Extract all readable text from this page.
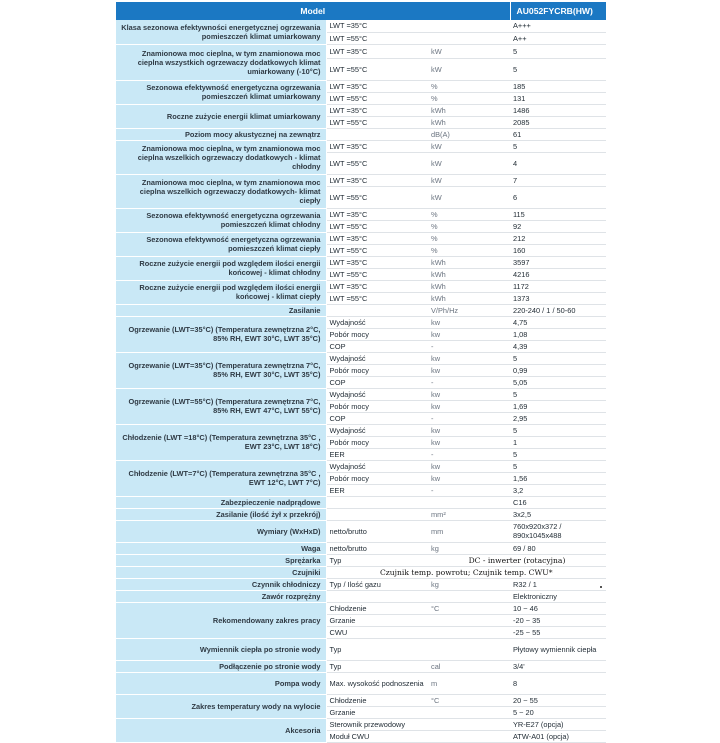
Model			AU052FYCRB(HW)
Klasa sezonowa efektywności energetycznej ogrzewania pomieszczeń klimat umiarkowany	LWT =35°C		A+++
	LWT =55°C		A++
Znamionowa moc cieplna, w tym znamionowa moc cieplna wszystkich ogrzewaczy dodatkowych klimat umiarkowany (-10°C)	LWT =35°C	kW	5
	LWT =55°C	kW	5
Sezonowa efektywność energetyczna ogrzewania pomieszczeń klimat umiarkowany	LWT =35°C	%	185
	LWT =55°C	%	131
Roczne zużycie energii klimat umiarkowany	LWT =35°C	kWh	1486
	LWT =55°C	kWh	2085
Poziom mocy akustycznej na zewnątrz		dB(A)	61
Znamionowa moc cieplna, w tym znamionowa moc cieplna wszelkich ogrzewaczy dodatkowych - klimat chłodny	LWT =35°C	kW	5
	LWT =55°C	kW	4
Znamionowa moc cieplna, w tym znamionowa moc cieplna wszelkich ogrzewaczy dodatkowych- klimat ciepły	LWT =35°C	kW	7
	LWT =55°C	kW	6
Sezonowa efektywność energetyczna ogrzewania pomieszczeń klimat chłodny	LWT =35°C	%	115
	LWT =55°C	%	92
Sezonowa efektywność energetyczna ogrzewania pomieszczeń klimat ciepły	LWT =35°C	%	212
	LWT =55°C	%	160
Roczne zużycie energii pod względem ilości energii końcowej - klimat chłodny	LWT =35°C	kWh	3597
	LWT =55°C	kWh	4216
Roczne zużycie energii pod względem ilości energii końcowej - klimat ciepły	LWT =35°C	kWh	1172
	LWT =55°C	kWh	1373
Zasilanie		V/Ph/Hz	220-240 / 1 / 50-60
Ogrzewanie (LWT=35°C) (Temperatura zewnętrzna 2°C, 85% RH, EWT 30°C, LWT 35°C)	Wydajność	kw	4,75
	Pobór mocy	kw	1,08
	COP	-	4,39
Ogrzewanie (LWT=35°C) (Temperatura zewnętrzna 7°C, 85% RH, EWT 30°C, LWT 35°C)	Wydajność	kw	5
	Pobór mocy	kw	0,99
	COP	-	5,05
Ogrzewanie (LWT=55°C) (Temperatura zewnętrzna 7°C, 85% RH, EWT 47°C, LWT 55°C)	Wydajność	kw	5
	Pobór mocy	kw	1,69
	COP	-	2,95
Chłodzenie (LWT =18°C) (Temperatura zewnętrzna 35°C , EWT 23°C, LWT 18°C)	Wydajność	kw	5
	Pobór mocy	kw	1
	EER	-	5
Chłodzenie (LWT=7°C) (Temperatura zewnętrzna 35°C , EWT 12°C, LWT 7°C)	Wydajność	kw	5
	Pobór mocy	kw	1,56
	EER	-	3,2
Zabezpieczenie nadprądowe			C16
Zasilanie (ilość żył x przekrój)		mm²	3x2,5
Wymiary (WxHxD)	netto/brutto	mm	760x920x372 / 890x1045x488
Waga	netto/brutto	kg	69 / 80
Sprężarka	Typ	DC - inwerter (rotacyjna)	
Czujniki	Czujnik temp. powrotu; Czujnik temp. CWU*		
Czynnik chłodniczy	Typ / Ilość gazu	kg	R32 / 1
Zawór rozprężny			Elektroniczny
Rekomendowany zakres pracy	Chłodzenie	°C	10 ~ 46
	Grzanie		-20 ~ 35
	CWU		-25 ~ 55
Wymiennik ciepła po stronie wody	Typ		Płytowy wymiennik ciepła
Podłączenie po stronie wody	Typ	cal	3/4'
Pompa wody	Max. wysokość podnoszenia	m	8
Zakres temperatury wody na wylocie	Chłodzenie	°C	20 ~ 55
	Grzanie		5 ~ 20
Akcesoria	Sterownik przewodowy		YR-E27 (opcja)
	Moduł CWU		ATW-A01 (opcja)
